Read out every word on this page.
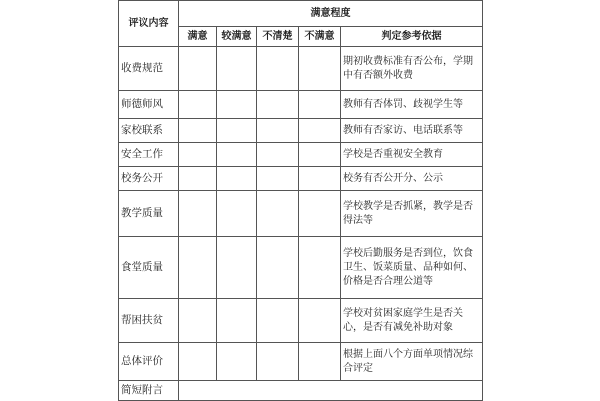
评议内容	满意程度				
	满意	较满意	不清楚	不满意	判定参考依据
收费规范					期初收费标准有否公布，学期中有否额外收费
师德师风					教师有否体罚、歧视学生等
家校联系					教师有否家访、电话联系等
安全工作					学校是否重视安全教育
校务公开					校务有否公开分、公示
教学质量					学校教学是否抓紧，教学是否得法等
食堂质量					学校后勤服务是否到位，饮食卫生、饭菜质量、品种如何、价格是否合理公道等
帮困扶贫					学校对贫困家庭学生是否关心，是否有减免补助对象
总体评价					根据上面八个方面单项情况综合评定
简短附言					
